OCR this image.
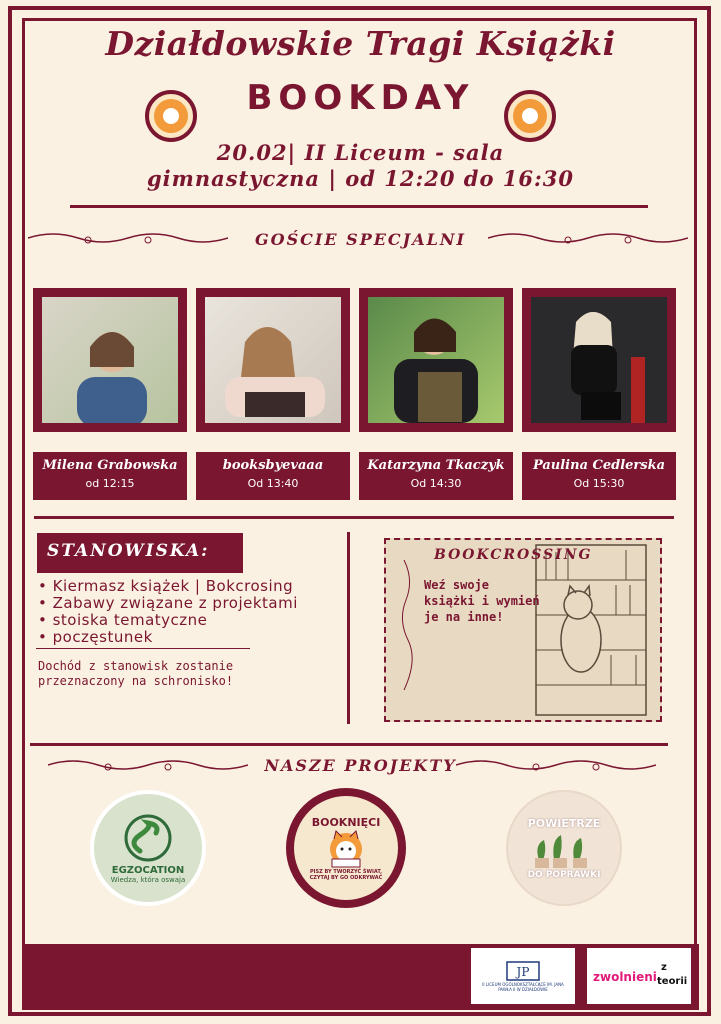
Działdowskie Tragi Książki
BOOKDAY
20.02| II Liceum - sala
gimnastyczna | od 12:20 do 16:30
GOŚCIE SPECJALNI
Milena Grabowska
od 12:15
booksbyevaaa
Od 13:40
Katarzyna Tkaczyk
Od 14:30
Paulina Cedlerska
Od 15:30
STANOWISKA:
• Kiermasz książek | Bokcrosing
• Zabawy związane z projektami
• stoiska tematyczne
• poczęstunek
Dochód z stanowisk zostanie przeznaczony na schronisko!
BOOKCROSSING
Weź swoje książki i wymień je na inne!
NASZE PROJEKTY
EGZOCATION
Wiedza, która oswaja
BOOKNIĘCI
PISZ BY TWORZYĆ ŚWIAT, CZYTAJ BY GO ODKRYWAĆ
POWIETRZE
DO POPRAWKI
JP
II LICEUM OGÓLNOKSZTAŁCĄCE IM. JANA PAWŁA II W DZIAŁDOWIE
zwolnieni
z
teorii
